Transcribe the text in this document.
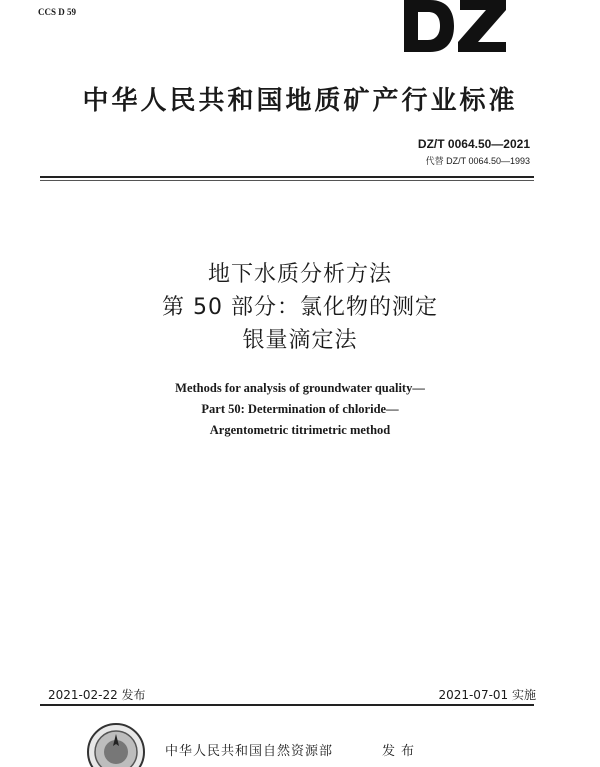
CCS D 59
中华人民共和国地质矿产行业标准
DZ/T 0064.50—2021
代替 DZ/T 0064.50—1993
地下水质分析方法
第 50 部分：氯化物的测定
银量滴定法
Methods for analysis of groundwater quality—
Part 50: Determination of chloride—
Argentometric titrimetric method
2021-02-22 发布	2021-07-01 实施
中华人民共和国自然资源部	发布
